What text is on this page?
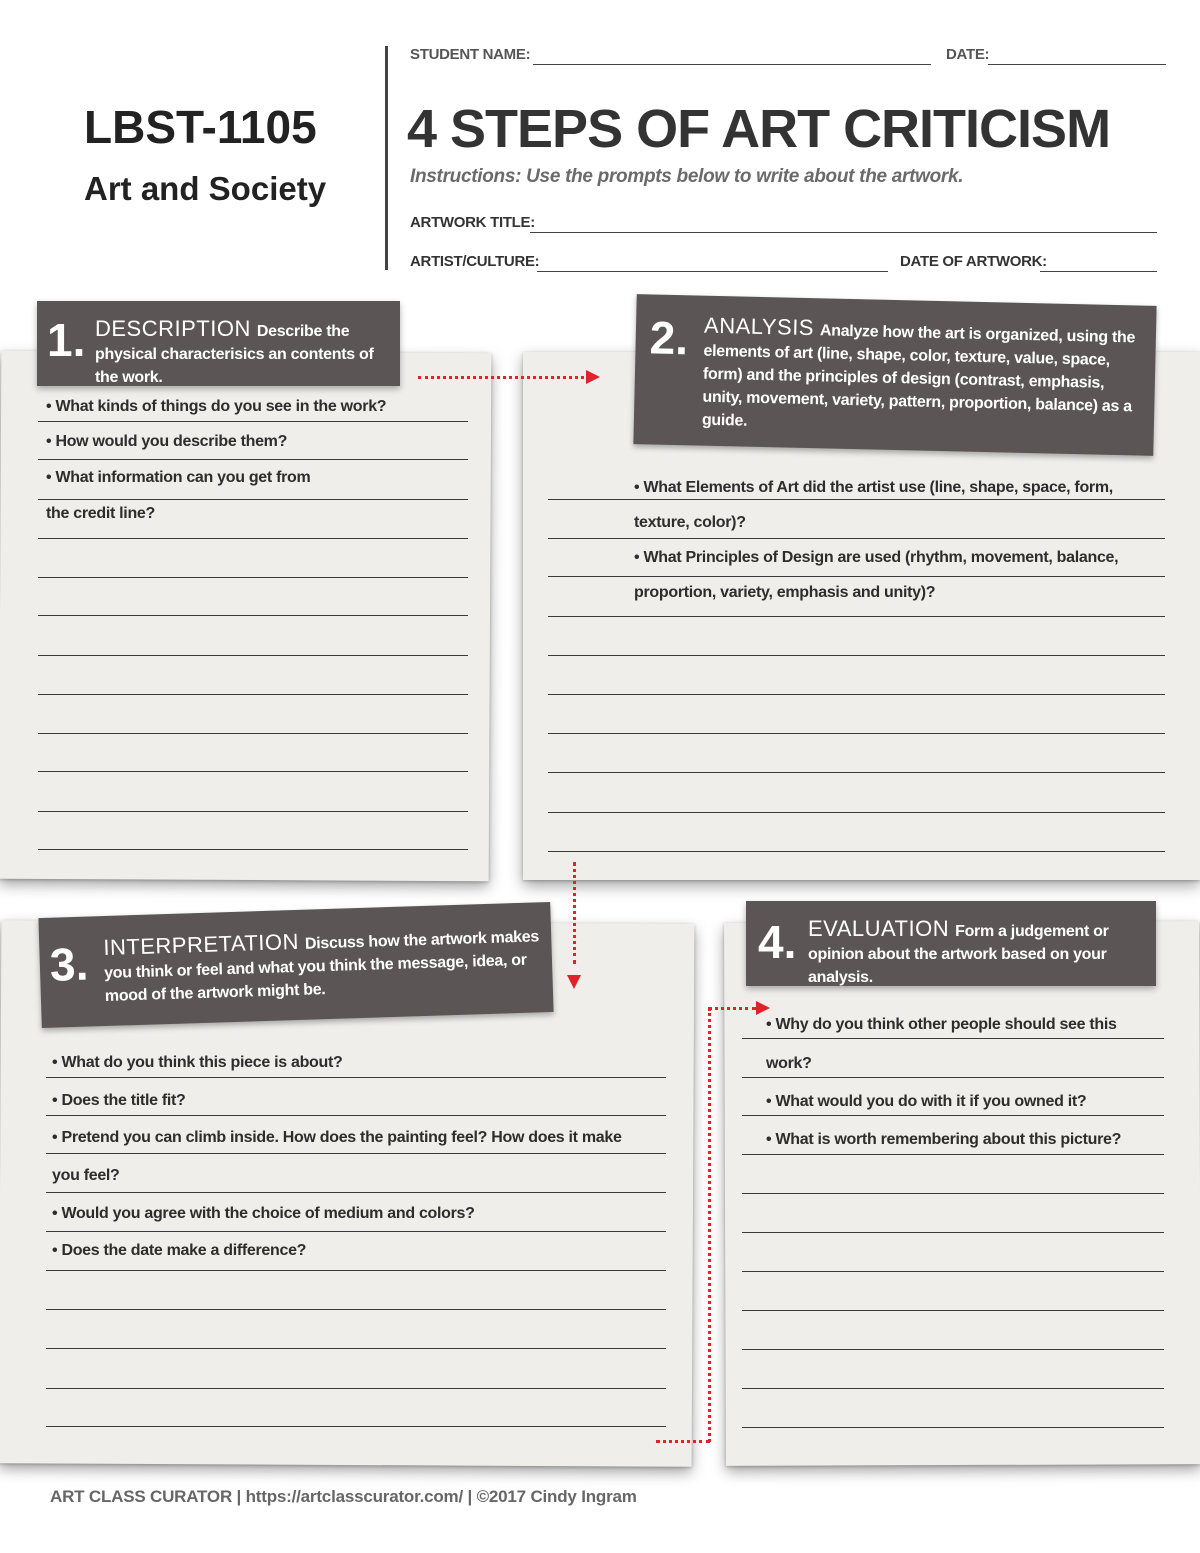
LBST-1105
Art and Society
STUDENT NAME:	DATE:
4 STEPS OF ART CRITICISM
Instructions: Use the prompts below to write about the artwork.
ARTWORK TITLE:
ARTIST/CULTURE:	DATE OF ARTWORK:
1. DESCRIPTION Describe the physical characterisics an contents of the work.
• What kinds of things do you see in the work?
• How would you describe them?
• What information can you get from
the credit line?
2. ANALYSIS Analyze how the art is organized, using the elements of art (line, shape, color, texture, value, space, form) and the principles of design (contrast, emphasis, unity, movement, variety, pattern, proportion, balance) as a guide.
• What Elements of Art did the artist use (line, shape, space, form,
texture, color)?
• What Principles of Design are used (rhythm, movement, balance,
proportion, variety, emphasis and unity)?
3. INTERPRETATION Discuss how the artwork makes you think or feel and what you think the message, idea, or mood of the artwork might be.
• What do you think this piece is about?
• Does the title fit?
• Pretend you can climb inside. How does the painting feel? How does it make
you feel?
• Would you agree with the choice of medium and colors?
• Does the date make a difference?
4. EVALUATION Form a judgement or opinion about the artwork based on your analysis.
• Why do you think other people should see this
work?
• What would you do with it if you owned it?
• What is worth remembering about this picture?
ART CLASS CURATOR | https://artclasscurator.com/ | ©2017 Cindy Ingram
